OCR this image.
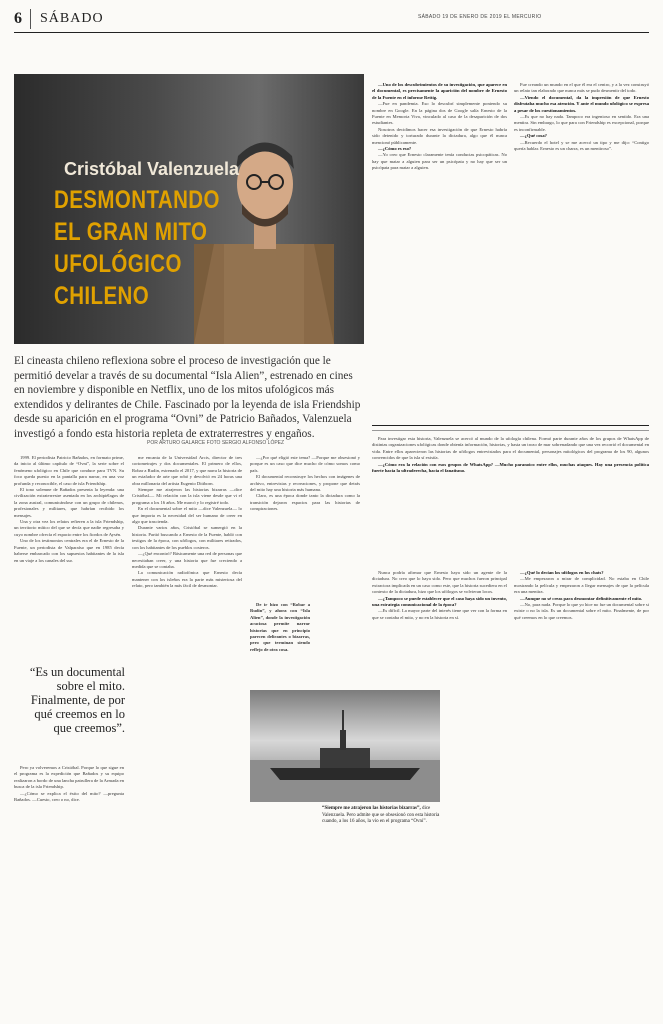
6 SÁBADO	SÁBADO 19 DE ENERO DE 2019 EL MERCURIO
Cristóbal Valenzuela
DESMONTANDO
EL GRAN MITO
UFOLÓGICO
CHILENO
El cineasta chileno reflexiona sobre el proceso de investigación que le permitió develar a través de su documental “Isla Alien”, estrenado en cines en noviembre y disponible en Netflix, uno de los mitos ufológicos más extendidos y delirantes de Chile. Fascinado por la leyenda de isla Friendship desde su aparición en el programa “Ovni” de Patricio Bañados, Valenzuela investigó a fondo esta historia repleta de extraterrestres y engaños.
POR ARTURO GALARCE FOTO SERGIO ALFONSO LÓPEZ

1999. El periodista Patricio Bañados, en formato prime, da inicio al último capítulo de “Ovni”, la serie sobre el fenómeno ufológico en Chile que conduce para TVN. Su foco queda puesto en la pantalla para narrar, en una voz profunda y reconocible, el caso de isla Friendship.

El tono solemne de Bañados presenta la leyenda: una civilización extraterrestre asentada en los archipiélagos de la zona austral, comunicándose con un grupo de chilenos, profesionales y militares, que habrían recibido los mensajes.

Una y otra vez los relatos refieren a la isla Friendship, un territorio mítico del que se decía que nadie regresaba y cuyo nombre ofrecía el espacio entre los fiordos de Aysén.

Uno de los testimonios centrales era el de Ernesto de la Fuente, un periodista de Valparaíso que en 1985 decía haberse embarcado con los supuestos habitantes de la isla en un viaje a los canales del sur.

“Es un documental sobre el mito. Finalmente, de por qué creemos en lo que creemos”.

Pero ya volveremos a Cristóbal. Porque lo que sigue en el programa es la expedición que Bañados y su equipo realizaron a bordo de una lancha patrullera de la Armada en busca de la isla Friendship.

—¿Cómo se explica el éxito del mito? —pregunta Bañados. —Cuesto, creo o no, dice.

me encanta de la Universidad Arcis, director de tres cortometrajes y dos documentales. El primero de ellos, Robar a Rudin, estrenado el 2017, y que narra la historia de un estafador de arte que robó y devolvió en 24 horas una obra millonaria del artista Eugenio Dittborn.

Siempre me atrajeron las historias bizarras —dice Cristóbal—. Mi relación con la isla viene desde que vi el programa a los 16 años. Me marcó y lo registré todo.

En el documental sobre el mito —dice Valenzuela— lo que importa es la necesidad del ser humano de creer en algo que trascienda.

Durante varios años, Cristóbal se sumergió en la historia. Partió buscando a Ernesto de la Fuente, habló con testigos de la época, con ufólogos, con militares retirados, con los habitantes de los pueblos costeros.

—¿Qué encontró? Básicamente una red de personas que necesitaban creer, y una historia que fue creciendo a medida que se contaba.

La comunicación radiofónica que Ernesto decía mantener con los isleños era la parte más misteriosa del relato, pero también la más fácil de desmontar.

—¿Por qué eligió este tema? —Porque me obsesionó y porque es un caso que dice mucho de cómo somos como país.

El documental reconstruye los hechos con imágenes de archivo, entrevistas y recreaciones, y propone que detrás del mito hay una historia más humana.

Claro, es una época donde tanto la dictadura como la transición dejaron espacios para las historias de conspiraciones.

“Siempre me atrajeron las historias bizarras”, dice Valenzuela. Pero admite que se obsesionó con esta historia cuando, a los 16 años, la vio en el programa “Ovni”.

De ir hizo con “Robar a Rudin”, y ahora con “Isla Alien”, donde la investigación acuciosa permite narrar historias que en principio parecen delirantes o bizarras, pero que terminan siendo reflejo de otra cosa.

—Uno de los descubrimientos de su investigación, que aparece en el documental, es precisamente la aparición del nombre de Ernesto de la Fuente en el informe Rettig.

—Fue en pandemia. Eso lo descubrí simplemente poniendo su nombre en Google. En la página dos de Google salía Ernesto de la Fuente en Memoria Viva, vinculado al caso de la desaparición de dos estudiantes.

Nosotros decidimos hacer esa investigación de que Ernesto habría sido detenido y torturado durante la dictadura, algo que él nunca mencionó públicamente.

—¿Cómo es eso?

—Yo creo que Ernesto claramente tenía conductas psicopáticas. No hay que matar a alguien para ser un psicópata y no hay que ser un psicópata para matar a alguien.

Fue creando un mundo en el que él era el centro, y a la vez construyó un relato tan elaborado que nunca más se pudo desmentir del todo.

—Viendo el documental, da la impresión de que Ernesto disfrutaba mucho esa atención. Y ante el mundo ufológico se expresa a pesar de los cuestionamientos.

—Es que no hay nada. Tampoco era ingenioso en sentido. Era una mentira. Sin embargo, lo que para con Friendship es excepcional, porque es inconfirmable.

—¿Qué cosa?

—Recuerdo el hotel y se me acercó un tipo y me dijo: “Contigo quería hablar. Ernesto es un charra, es un mentiroso”.

Para investigar esta historia, Valenzuela se acercó al mundo de la ufología chilena. Formó parte durante años de los grupos de WhatsApp de distintas organizaciones ufológicas donde obtenía información, historias, y hasta un trozo de mar sobrenadando que una vez recorrió el documental en vida. Entre ellos aparecieron las historias de ufólogos entrevistados para el documental, personajes mitológicos del programa de los 90, algunos convencidos de que la isla sí existía.

—¿Cómo era la relación con esos grupos de WhatsApp? —Mucho paranoico entre ellos, muchas ataques. Hay una presencia política fuerte hacia la ultraderecha, hacia el fanatismo.

Nunca podría afirmar que Ernesto haya sido un agente de la dictadura. No creo que lo haya sido. Pero que muchos fueron principal extractora implicada en un caso como este, que la historia sucediera en el contexto de la dictadura, hizo que los ufólogos se volvieran locos.

—¿Tampoco se puede establecer que el caso haya sido un invento, una estrategia comunicacional de la época?

—Es difícil. La mayor parte del interés tiene que ver con la forma en que se contaba el mito, y no en la historia en sí.

—¿Qué lo decían los ufólogos en los chats?

—Me empezaron a mirar de complicidad. No estaba en Chile mostrando la película y empezaron a llegar mensajes de que la película era una mentira.

—Aunque no sé creas para desmontar definitivamente el mito.

—No, para nada. Porque lo que yo hice no fue un documental sobre si existe o no la isla. Es un documental sobre el mito. Finalmente, de por qué creemos en lo que creemos.
